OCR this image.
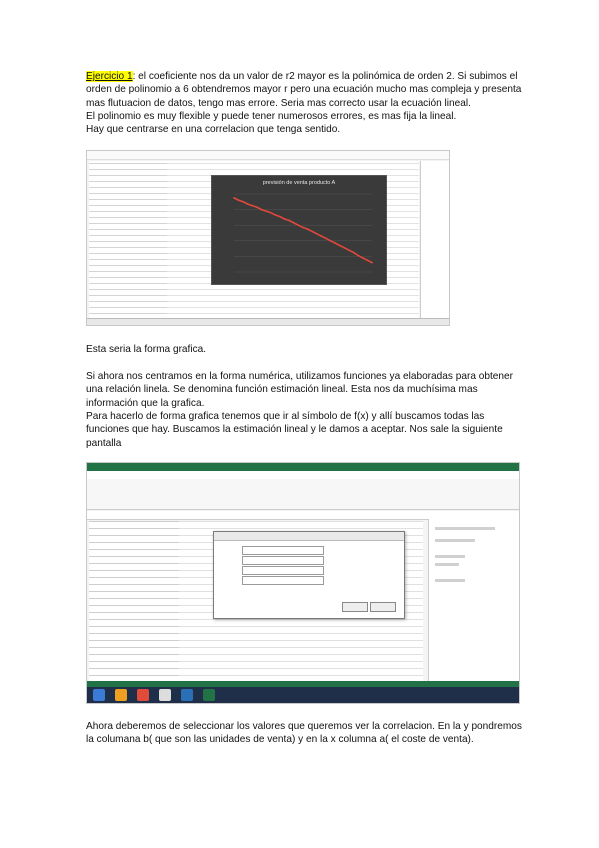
Ejercicio 1: el coeficiente nos da un valor de r2 mayor es la polinómica de orden 2. Si subimos el orden de polinomio a 6 obtendremos mayor r pero una ecuación mucho mas compleja y presenta mas flutuacion de datos, tengo mas errore. Seria mas correcto usar la ecuación lineal.
El polinomio es muy flexible y puede tener numerosos errores, es mas fija la lineal.
Hay que centrarse en una correlacion que tenga sentido.
previsión de venta producto A
Esta seria la forma grafica.
Si ahora nos centramos en la forma numérica, utilizamos funciones ya elaboradas para obtener una relación linela. Se denomina función estimación lineal. Esta nos da muchísima mas información que la grafica.
Para hacerlo de forma grafica tenemos que ir al símbolo de f(x) y allí buscamos todas las funciones que hay. Buscamos la estimación lineal y le damos a aceptar. Nos sale la siguiente pantalla
Ahora deberemos de seleccionar los valores que queremos ver la correlacion. En la y pondremos la columana b( que son las unidades de venta) y en la x columna a( el coste de venta).
